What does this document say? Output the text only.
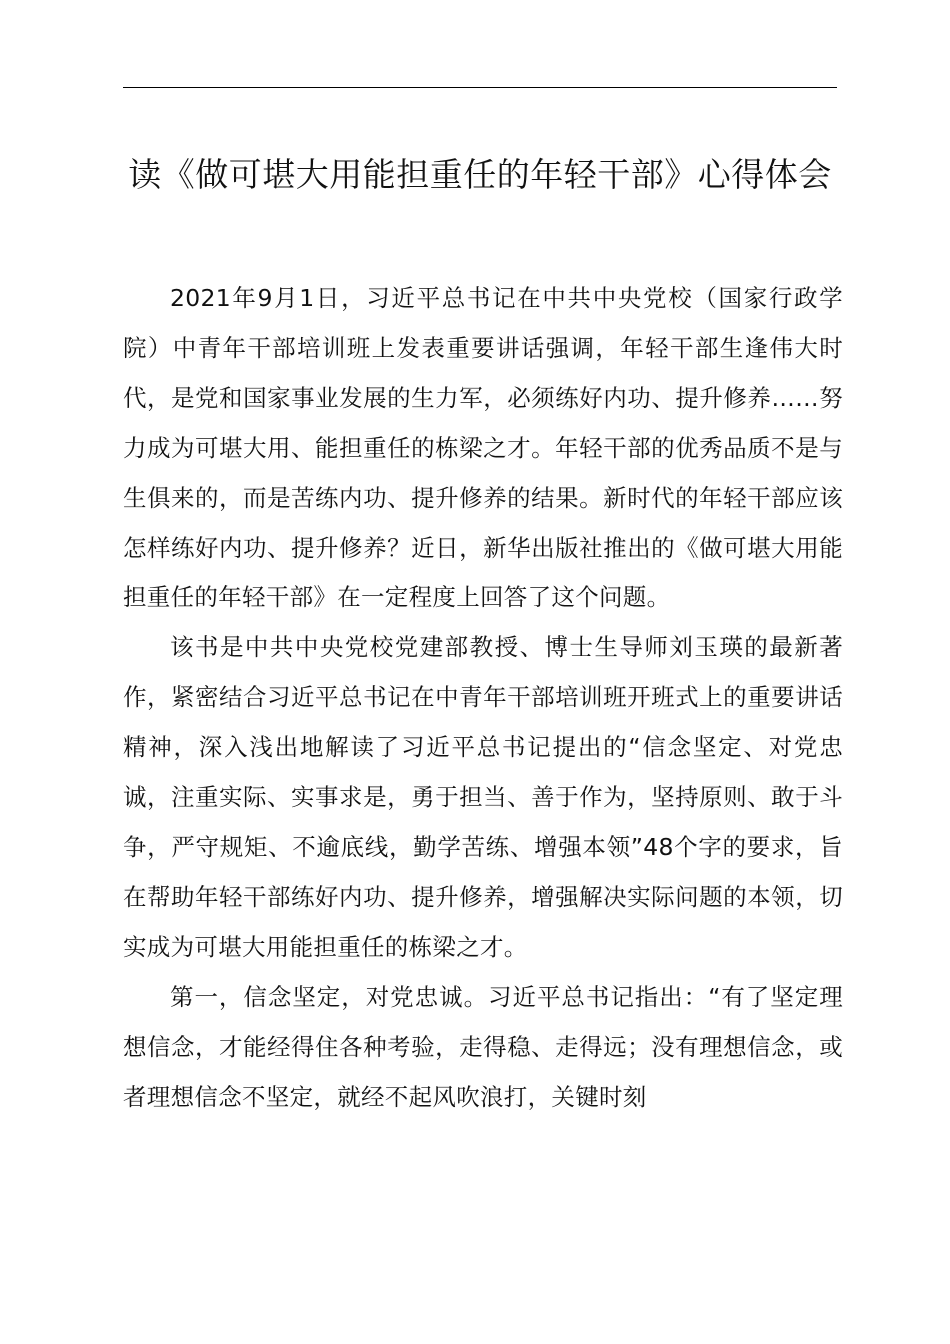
读《做可堪大用能担重任的年轻干部》心得体会

2021年9月1日，习近平总书记在中共中央党校（国家行政学院）中青年干部培训班上发表重要讲话强调，年轻干部生逢伟大时代，是党和国家事业发展的生力军，必须练好内功、提升修养……努力成为可堪大用、能担重任的栋梁之才。年轻干部的优秀品质不是与生俱来的，而是苦练内功、提升修养的结果。新时代的年轻干部应该怎样练好内功、提升修养？近日，新华出版社推出的《做可堪大用能担重任的年轻干部》在一定程度上回答了这个问题。

该书是中共中央党校党建部教授、博士生导师刘玉瑛的最新著作，紧密结合习近平总书记在中青年干部培训班开班式上的重要讲话精神，深入浅出地解读了习近平总书记提出的“信念坚定、对党忠诚，注重实际、实事求是，勇于担当、善于作为，坚持原则、敢于斗争，严守规矩、不逾底线，勤学苦练、增强本领”48个字的要求，旨在帮助年轻干部练好内功、提升修养，增强解决实际问题的本领，切实成为可堪大用能担重任的栋梁之才。

第一，信念坚定，对党忠诚。习近平总书记指出：“有了坚定理想信念，才能经得住各种考验，走得稳、走得远；没有理想信念，或者理想信念不坚定，就经不起风吹浪打，关键时刻
